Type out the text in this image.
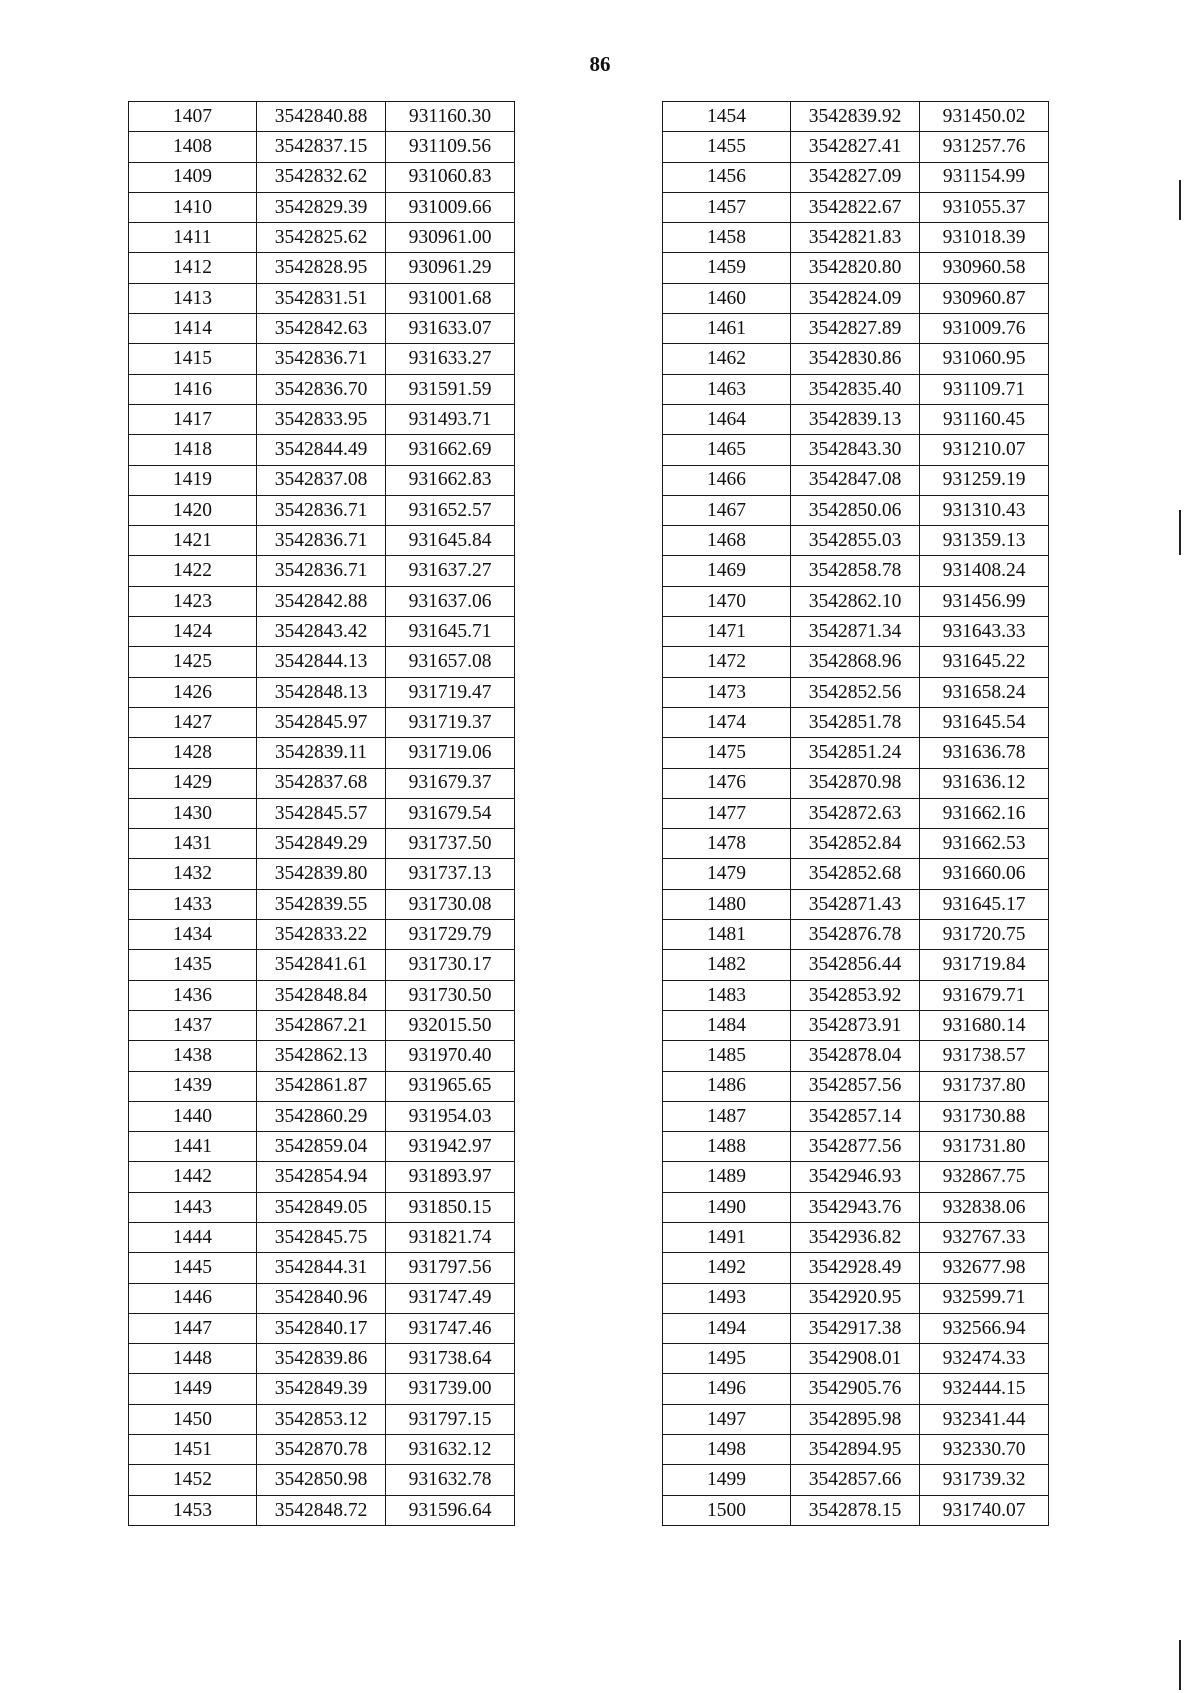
86
1407	3542840.88	931160.30
1408	3542837.15	931109.56
1409	3542832.62	931060.83
1410	3542829.39	931009.66
1411	3542825.62	930961.00
1412	3542828.95	930961.29
1413	3542831.51	931001.68
1414	3542842.63	931633.07
1415	3542836.71	931633.27
1416	3542836.70	931591.59
1417	3542833.95	931493.71
1418	3542844.49	931662.69
1419	3542837.08	931662.83
1420	3542836.71	931652.57
1421	3542836.71	931645.84
1422	3542836.71	931637.27
1423	3542842.88	931637.06
1424	3542843.42	931645.71
1425	3542844.13	931657.08
1426	3542848.13	931719.47
1427	3542845.97	931719.37
1428	3542839.11	931719.06
1429	3542837.68	931679.37
1430	3542845.57	931679.54
1431	3542849.29	931737.50
1432	3542839.80	931737.13
1433	3542839.55	931730.08
1434	3542833.22	931729.79
1435	3542841.61	931730.17
1436	3542848.84	931730.50
1437	3542867.21	932015.50
1438	3542862.13	931970.40
1439	3542861.87	931965.65
1440	3542860.29	931954.03
1441	3542859.04	931942.97
1442	3542854.94	931893.97
1443	3542849.05	931850.15
1444	3542845.75	931821.74
1445	3542844.31	931797.56
1446	3542840.96	931747.49
1447	3542840.17	931747.46
1448	3542839.86	931738.64
1449	3542849.39	931739.00
1450	3542853.12	931797.15
1451	3542870.78	931632.12
1452	3542850.98	931632.78
1453	3542848.72	931596.64
1454	3542839.92	931450.02
1455	3542827.41	931257.76
1456	3542827.09	931154.99
1457	3542822.67	931055.37
1458	3542821.83	931018.39
1459	3542820.80	930960.58
1460	3542824.09	930960.87
1461	3542827.89	931009.76
1462	3542830.86	931060.95
1463	3542835.40	931109.71
1464	3542839.13	931160.45
1465	3542843.30	931210.07
1466	3542847.08	931259.19
1467	3542850.06	931310.43
1468	3542855.03	931359.13
1469	3542858.78	931408.24
1470	3542862.10	931456.99
1471	3542871.34	931643.33
1472	3542868.96	931645.22
1473	3542852.56	931658.24
1474	3542851.78	931645.54
1475	3542851.24	931636.78
1476	3542870.98	931636.12
1477	3542872.63	931662.16
1478	3542852.84	931662.53
1479	3542852.68	931660.06
1480	3542871.43	931645.17
1481	3542876.78	931720.75
1482	3542856.44	931719.84
1483	3542853.92	931679.71
1484	3542873.91	931680.14
1485	3542878.04	931738.57
1486	3542857.56	931737.80
1487	3542857.14	931730.88
1488	3542877.56	931731.80
1489	3542946.93	932867.75
1490	3542943.76	932838.06
1491	3542936.82	932767.33
1492	3542928.49	932677.98
1493	3542920.95	932599.71
1494	3542917.38	932566.94
1495	3542908.01	932474.33
1496	3542905.76	932444.15
1497	3542895.98	932341.44
1498	3542894.95	932330.70
1499	3542857.66	931739.32
1500	3542878.15	931740.07
